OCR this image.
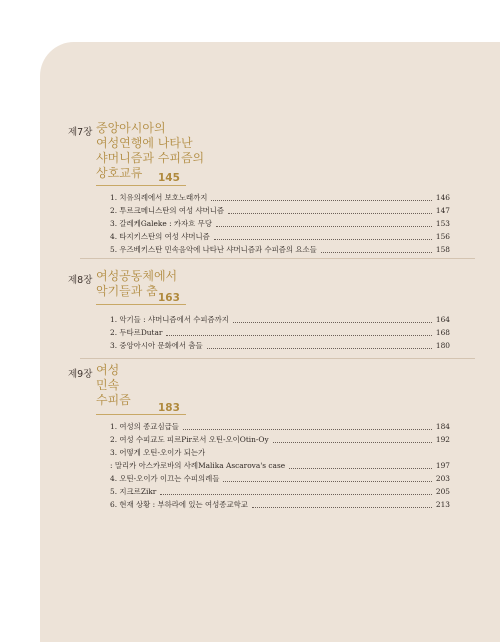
제7장 중앙아시아의
여성연행에 나타난
샤머니즘과 수피즘의
상호교류	145
1. 치유의례에서 보호노래까지	146
2. 투르크메니스탄의 여성 샤머니즘	147
3. 갈레케Galeke : 카자흐 무당	153
4. 타지키스탄의 여성 샤머니즘	156
5. 우즈베키스탄 민속음악에 나타난 샤머니즘과 수피즘의 요소들	158
제8장 여성공동체에서
악기들과 춤 163
1. 악기들 : 샤머니즘에서 수피즘까지	164
2. 두타르Dutar	168
3. 중앙아시아 문화에서 춤들	180
제9장 여성
민속
수피즘
183
1. 여성의 종교심급들	184
2. 여성 수피교도 피르Pir로서 오틴-오이Otin-Oy	192
3. 어떻게 오틴-오이가 되는가
: 말리카 아스카로바의 사례Malika Ascarova's case	197
4. 오틴-오이가 이끄는 수피의례들	203
5. 지크르Zikr	205
6. 현재 상황 : 부하라에 있는 여성종교학교	213
